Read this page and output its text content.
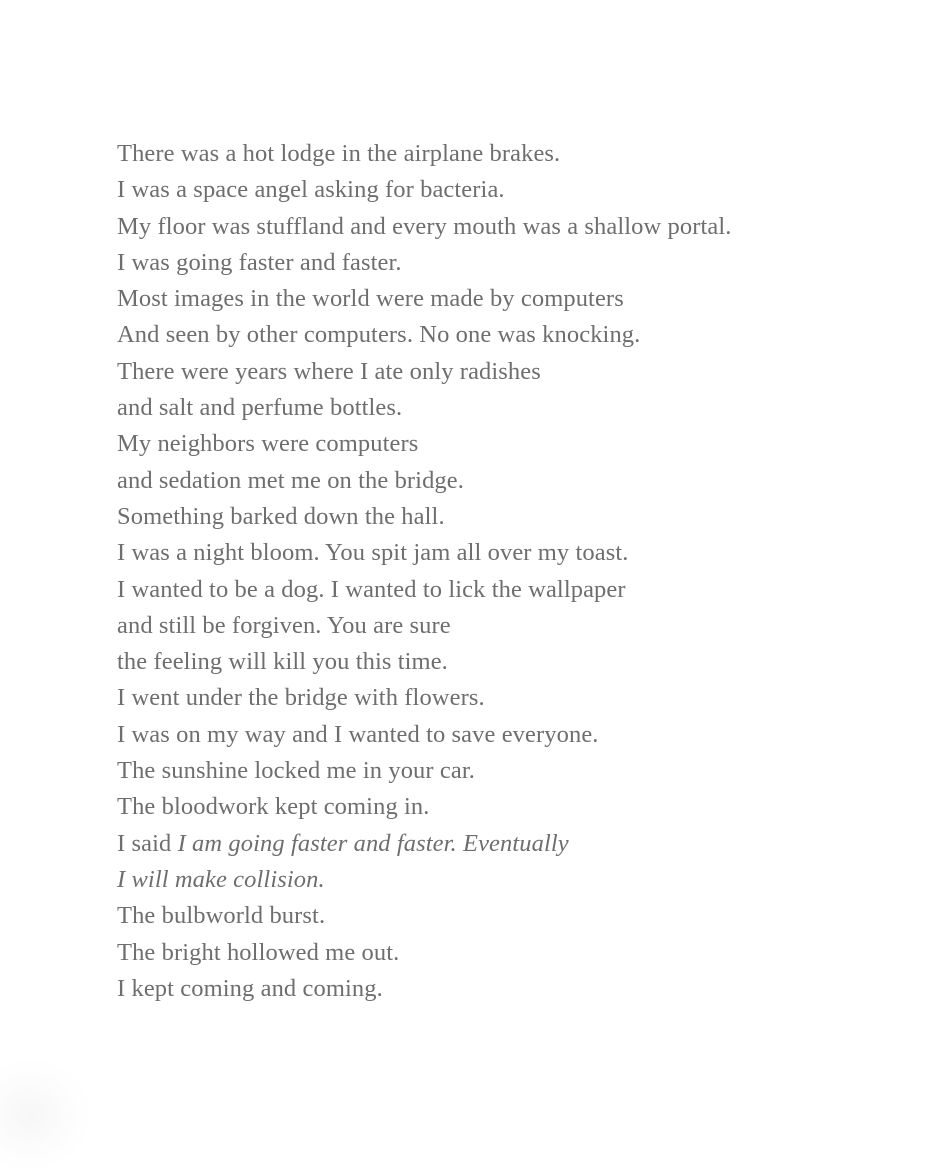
There was a hot lodge in the airplane brakes.
I was a space angel asking for bacteria.
My floor was stuffland and every mouth was a shallow portal.
I was going faster and faster.
Most images in the world were made by computers
And seen by other computers. No one was knocking.
There were years where I ate only radishes
and salt and perfume bottles.
My neighbors were computers
and sedation met me on the bridge.
Something barked down the hall.
I was a night bloom. You spit jam all over my toast.
I wanted to be a dog. I wanted to lick the wallpaper
and still be forgiven. You are sure
the feeling will kill you this time.
I went under the bridge with flowers.
I was on my way and I wanted to save everyone.
The sunshine locked me in your car.
The bloodwork kept coming in.
I said I am going faster and faster. Eventually
I will make collision.
The bulbworld burst.
The bright hollowed me out.
I kept coming and coming.
